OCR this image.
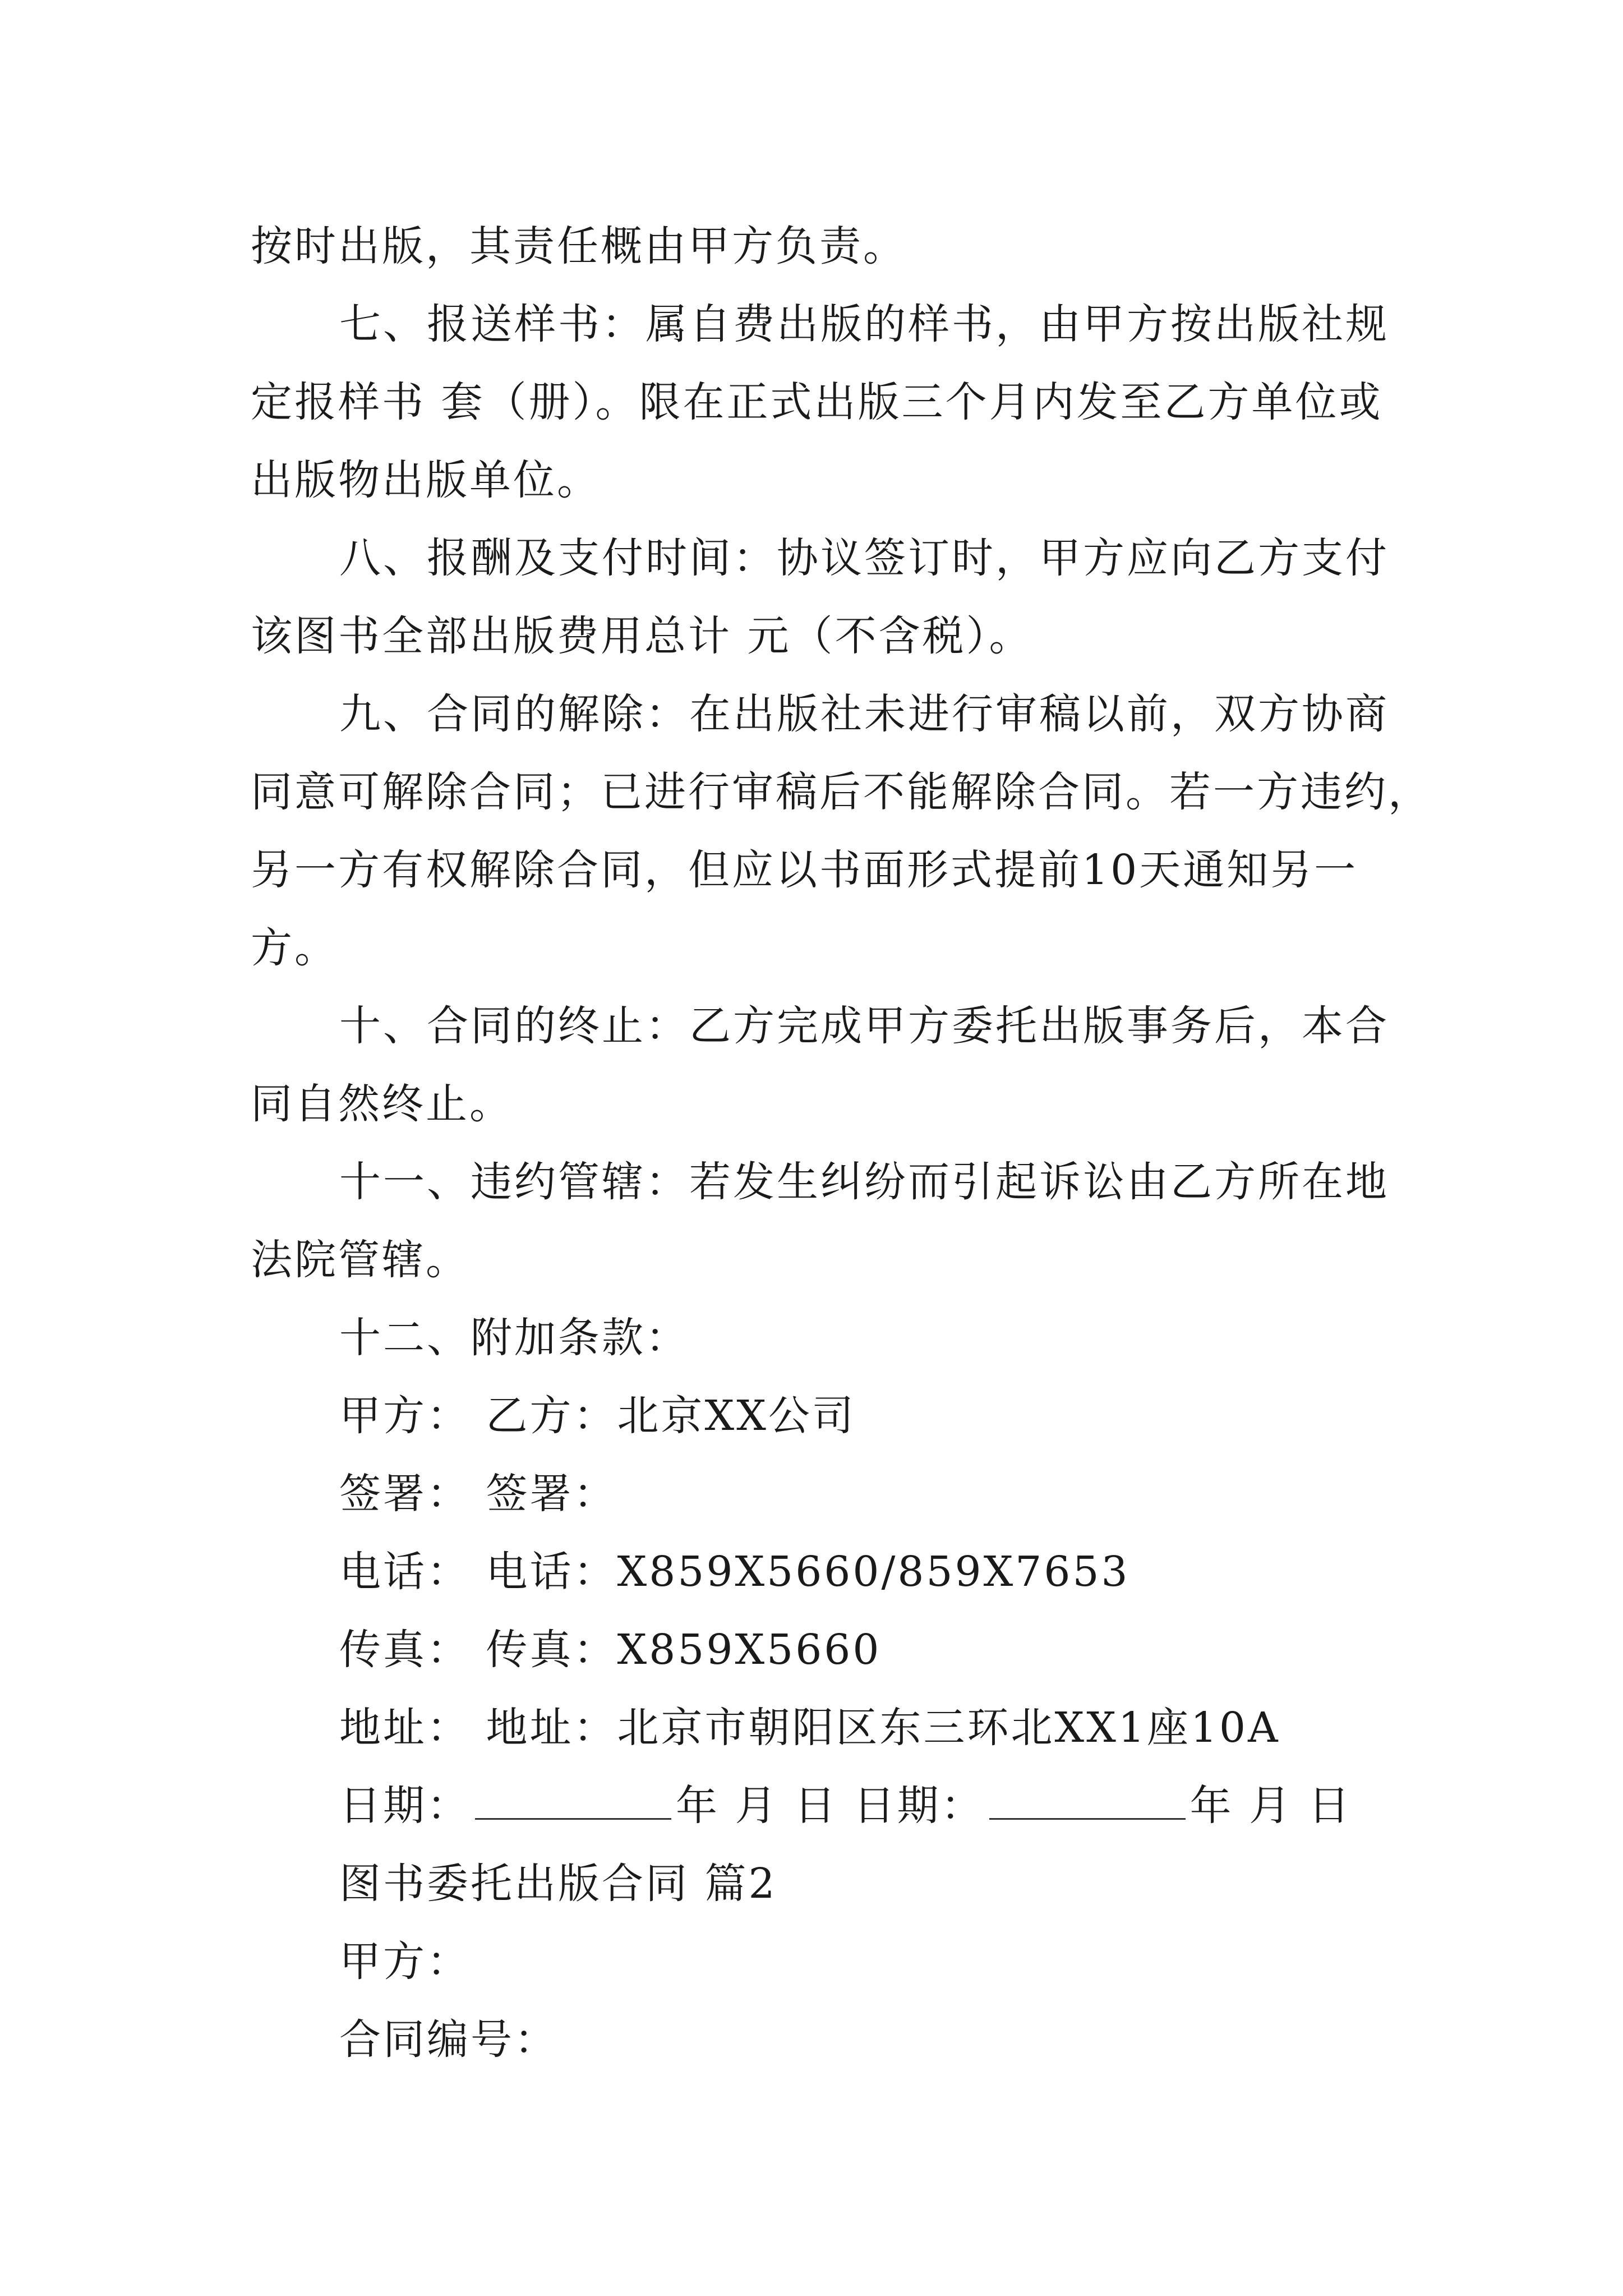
按时出版，其责任概由甲方负责。
七、报送样书：属自费出版的样书，由甲方按出版社规
定报样书 套（册）。限在正式出版三个月内发至乙方单位或
出版物出版单位。
八、报酬及支付时间：协议签订时，甲方应向乙方支付
该图书全部出版费用总计 元（不含税）。
九、合同的解除：在出版社未进行审稿以前，双方协商
同意可解除合同；已进行审稿后不能解除合同。若一方违约，
另一方有权解除合同，但应以书面形式提前10天通知另一
方。
十、合同的终止：乙方完成甲方委托出版事务后，本合
同自然终止。
十一、违约管辖：若发生纠纷而引起诉讼由乙方所在地
法院管辖。
十二、附加条款：
甲方： 乙方：北京XX公司
签署： 签署：
电话： 电话：X859X5660/859X7653
传真： 传真：X859X5660
地址： 地址：北京市朝阳区东三环北XX1座10A
日期：	年 月 日 日期：	年 月 日
图书委托出版合同 篇2
甲方：
合同编号：
